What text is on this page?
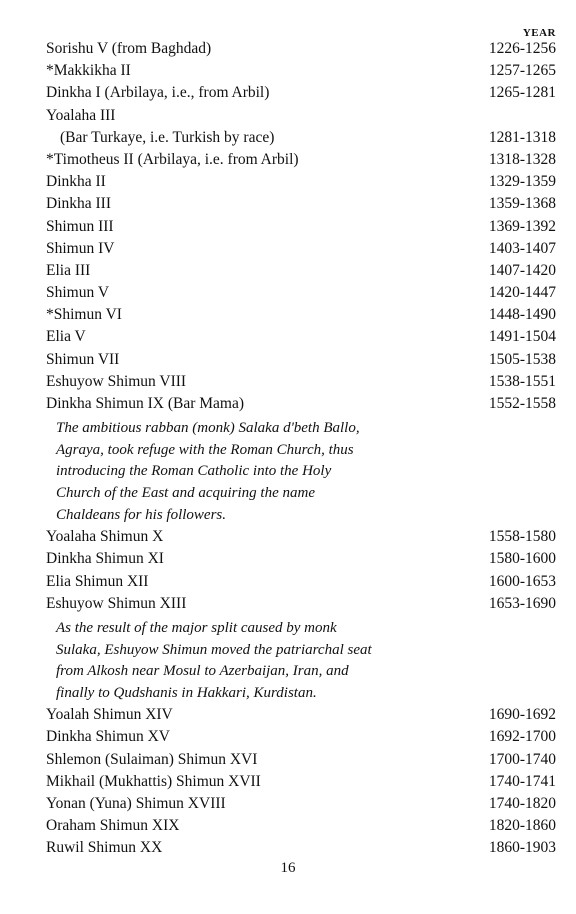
YEAR
Sorishu V (from Baghdad)	1226-1256
*Makkikha II	1257-1265
Dinkha I (Arbilaya, i.e., from Arbil)	1265-1281
Yoalaha III
(Bar Turkaye, i.e. Turkish by race)	1281-1318
*Timotheus II (Arbilaya, i.e. from Arbil)	1318-1328
Dinkha II	1329-1359
Dinkha III	1359-1368
Shimun III	1369-1392
Shimun IV	1403-1407
Elia III	1407-1420
Shimun V	1420-1447
*Shimun VI	1448-1490
Elia V	1491-1504
Shimun VII	1505-1538
Eshuyow Shimun VIII	1538-1551
Dinkha Shimun IX (Bar Mama)	1552-1558
The ambitious rabban (monk) Salaka d'beth Ballo,
Agraya, took refuge with the Roman Church, thus
introducing the Roman Catholic into the Holy
Church of the East and acquiring the name
Chaldeans for his followers.
Yoalaha Shimun X	1558-1580
Dinkha Shimun XI	1580-1600
Elia Shimun XII	1600-1653
Eshuyow Shimun XIII	1653-1690
As the result of the major split caused by monk
Sulaka, Eshuyow Shimun moved the patriarchal seat
from Alkosh near Mosul to Azerbaijan, Iran, and
finally to Qudshanis in Hakkari, Kurdistan.
Yoalah Shimun XIV	1690-1692
Dinkha Shimun XV	1692-1700
Shlemon (Sulaiman) Shimun XVI	1700-1740
Mikhail (Mukhattis) Shimun XVII	1740-1741
Yonan (Yuna) Shimun XVIII	1740-1820
Oraham Shimun XIX	1820-1860
Ruwil Shimun XX	1860-1903
16
